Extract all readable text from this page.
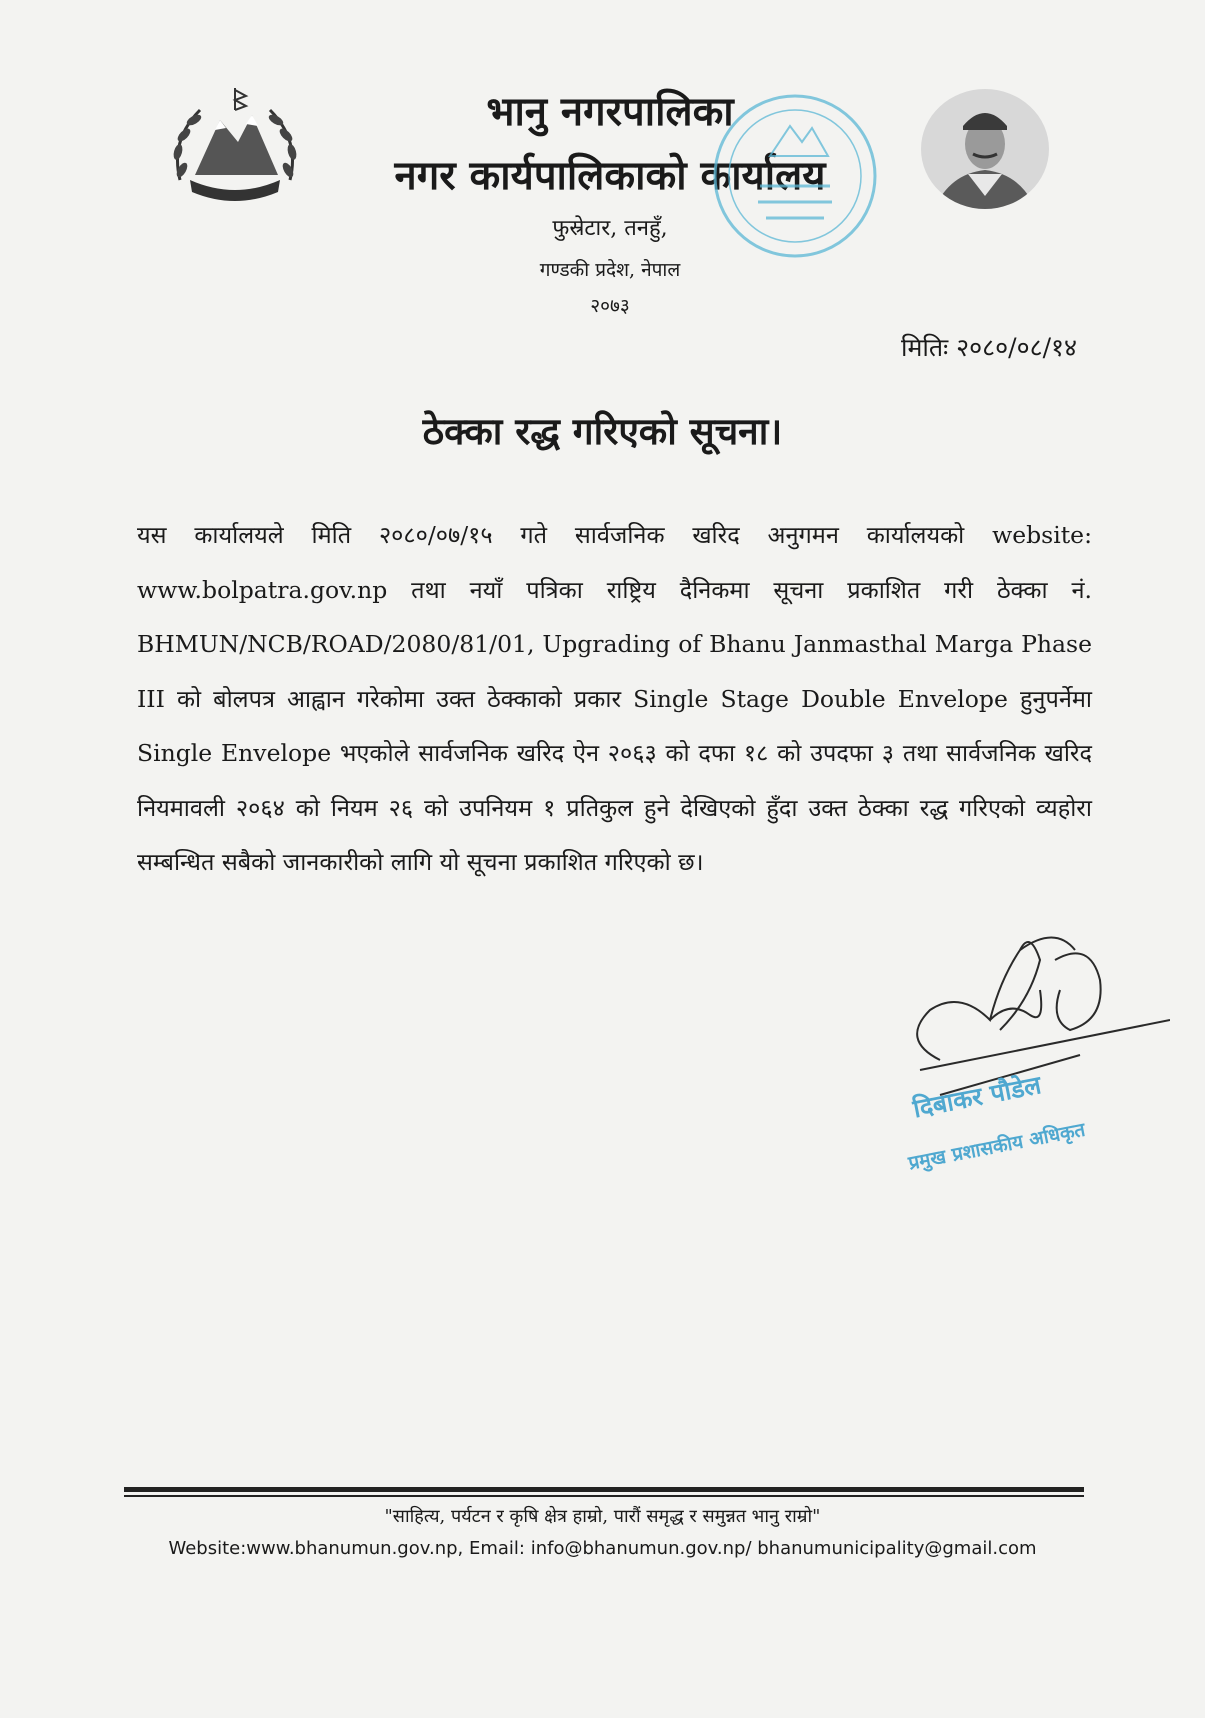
भानु नगरपालिका
नगर कार्यपालिकाको कार्यालय
फुस्रेटार, तनहुँ,
गण्डकी प्रदेश, नेपाल
२०७३
मितिः २०८०/०८/१४
ठेक्का रद्ध गरिएको सूचना।
यस कार्यालयले मिति २०८०/०७/१५ गते सार्वजनिक खरिद अनुगमन कार्यालयको website: www.bolpatra.gov.np तथा नयाँ पत्रिका राष्ट्रिय दैनिकमा सूचना प्रकाशित गरी ठेक्का नं. BHMUN/NCB/ROAD/2080/81/01, Upgrading of Bhanu Janmasthal Marga Phase III को बोलपत्र आह्वान गरेकोमा उक्त ठेक्काको प्रकार Single Stage Double Envelope हुनुपर्नेमा Single Envelope भएकोले सार्वजनिक खरिद ऐन २०६३ को दफा १८ को उपदफा ३ तथा सार्वजनिक खरिद नियमावली २०६४ को नियम २६ को उपनियम १ प्रतिकुल हुने देखिएको हुँदा उक्त ठेक्का रद्ध गरिएको व्यहोरा सम्बन्धित सबैको जानकारीको लागि यो सूचना प्रकाशित गरिएको छ।
दिबाकर पौडेल
प्रमुख प्रशासकीय अधिकृत
"साहित्य, पर्यटन र कृषि क्षेत्र हाम्रो, पारौं समृद्ध र समुन्नत भानु राम्रो"
Website:www.bhanumun.gov.np, Email: info@bhanumun.gov.np/ bhanumunicipality@gmail.com
